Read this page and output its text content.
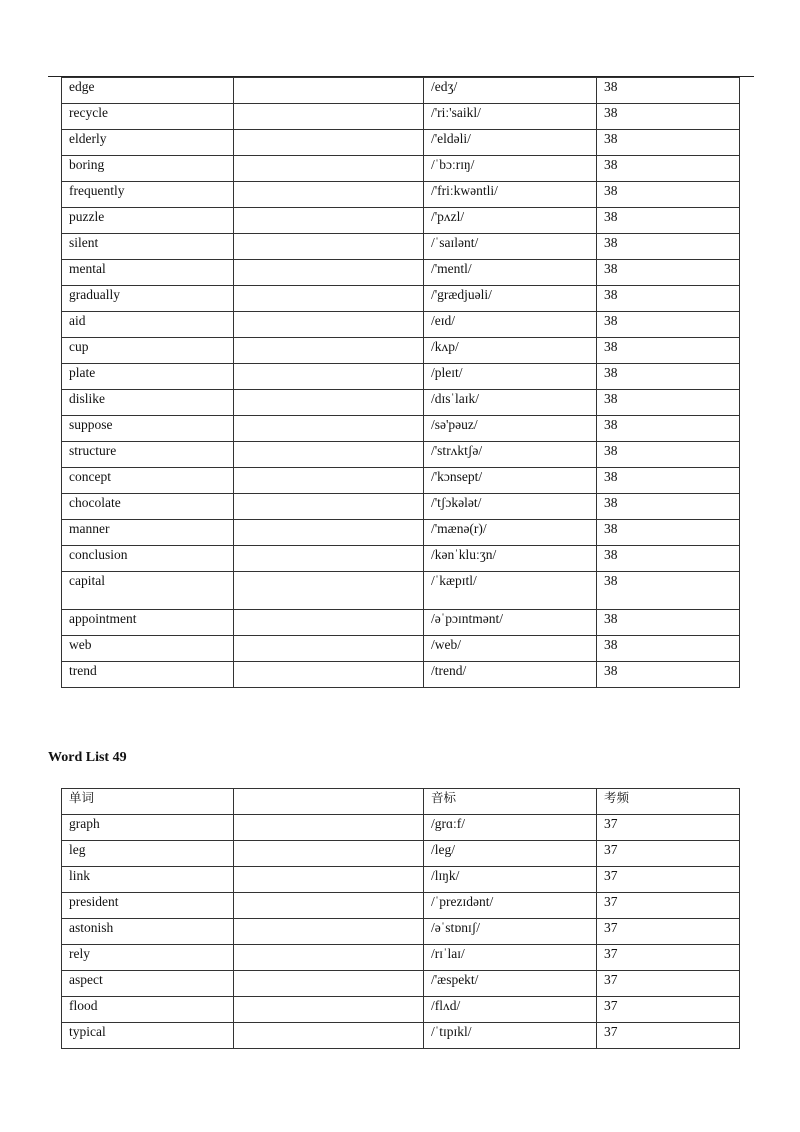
edge		/edʒ/	38
recycle		/'riː'saikl/	38
elderly		/'eldəli/	38
boring		/ˈbɔːrɪŋ/	38
frequently		/'friːkwəntli/	38
puzzle		/'pʌzl/	38
silent		/ˈsaɪlənt/	38
mental		/'mentl/	38
gradually		/'grædjuəli/	38
aid		/eɪd/	38
cup		/kʌp/	38
plate		/pleɪt/	38
dislike		/dɪsˈlaɪk/	38
suppose		/sə'pəuz/	38
structure		/'strʌktʃə/	38
concept		/'kɔnsept/	38
chocolate		/'tʃɔkələt/	38
manner		/'mænə(r)/	38
conclusion		/kənˈkluːʒn/	38
capital		/ˈkæpɪtl/	38
appointment		/əˈpɔɪntmənt/	38
web		/web/	38
trend		/trend/	38
Word List 49
单词		音标	考频
graph		/grɑːf/	37
leg		/leg/	37
link		/lɪŋk/	37
president		/ˈprezɪdənt/	37
astonish		/əˈstɒnɪʃ/	37
rely		/rɪˈlaɪ/	37
aspect		/'æspekt/	37
flood		/flʌd/	37
typical		/ˈtɪpɪkl/	37
